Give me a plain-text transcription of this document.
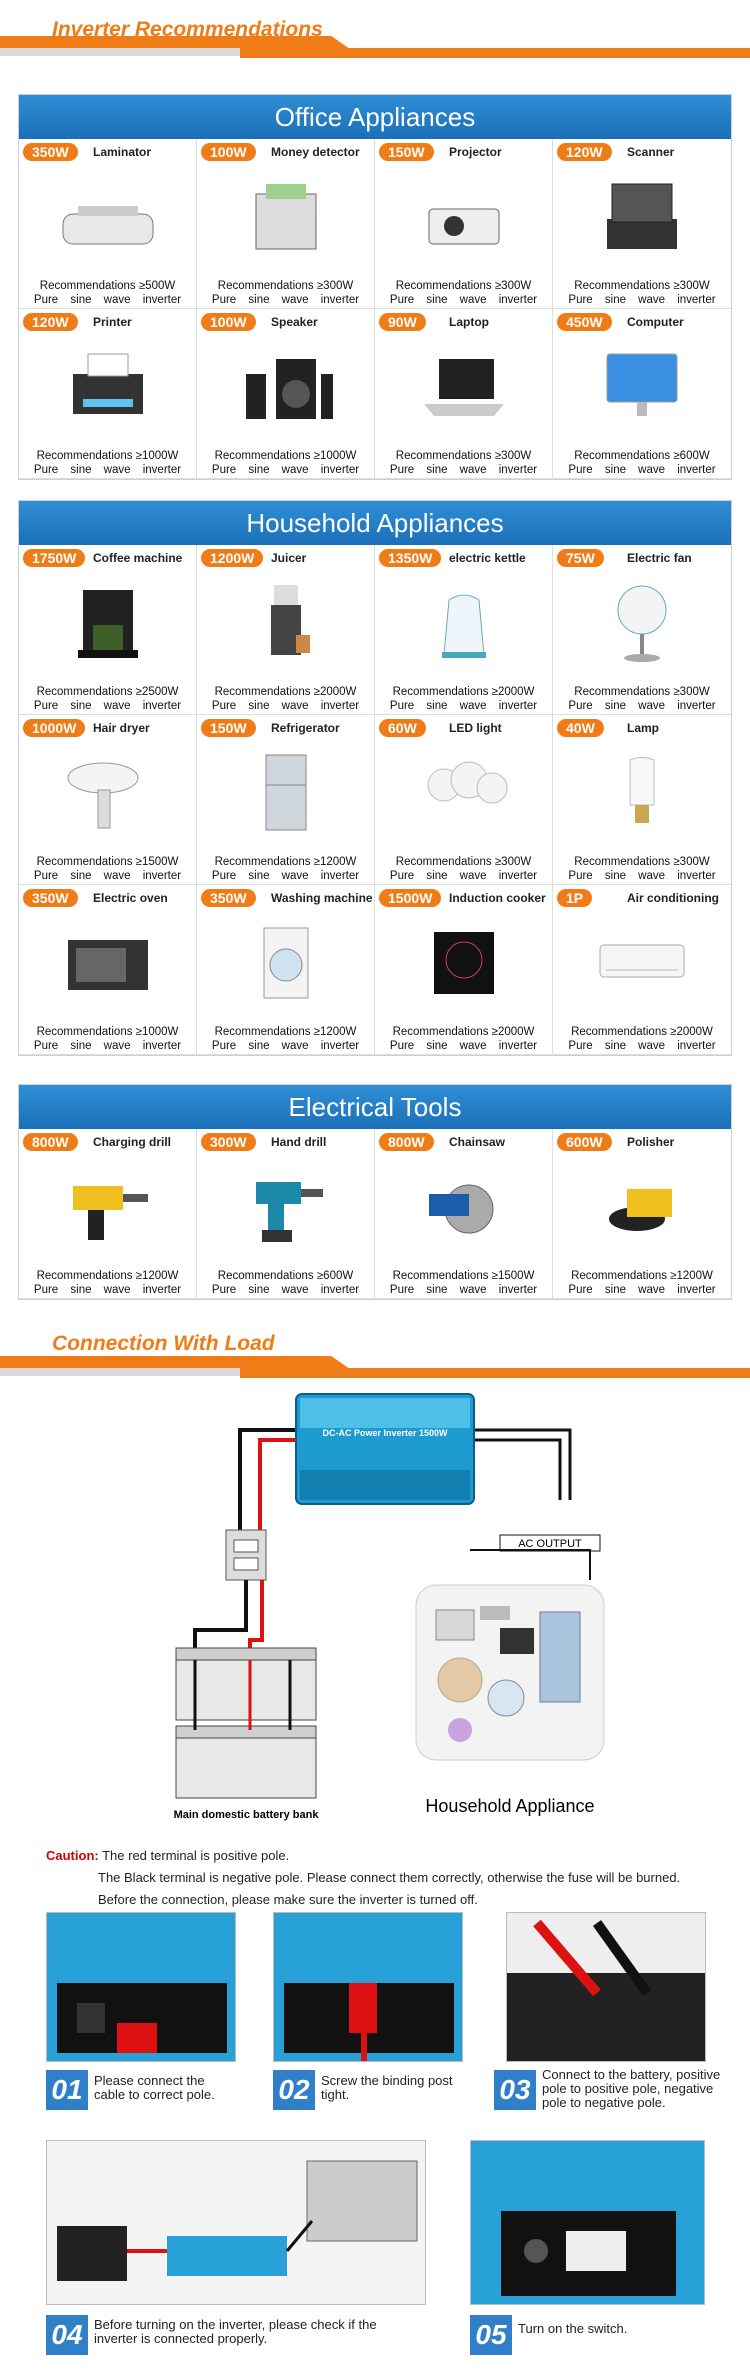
Inverter Recommendations
Office Appliances
350W	Laminator
Recommendations ≥500W
Pure sine wave inverter
100W	Money detector
Recommendations ≥300W
Pure sine wave inverter
150W	Projector
Recommendations ≥300W
Pure sine wave inverter
120W	Scanner
Recommendations ≥300W
Pure sine wave inverter
120W	Printer
Recommendations ≥1000W
Pure sine wave inverter
100W	Speaker
Recommendations ≥1000W
Pure sine wave inverter
90W	Laptop
Recommendations ≥300W
Pure sine wave inverter
450W	Computer
Recommendations ≥600W
Pure sine wave inverter
Household Appliances
1750W	Coffee machine
Recommendations ≥2500W
Pure sine wave inverter
1200W	Juicer
Recommendations ≥2000W
Pure sine wave inverter
1350W	electric kettle
Recommendations ≥2000W
Pure sine wave inverter
75W	Electric fan
Recommendations ≥300W
Pure sine wave inverter
1000W	Hair dryer
Recommendations ≥1500W
Pure sine wave inverter
150W	Refrigerator
Recommendations ≥1200W
Pure sine wave inverter
60W	LED light
Recommendations ≥300W
Pure sine wave inverter
40W	Lamp
Recommendations ≥300W
Pure sine wave inverter
350W	Electric oven
Recommendations ≥1000W
Pure sine wave inverter
350W	Washing machine
Recommendations ≥1200W
Pure sine wave inverter
1500W	Induction cooker
Recommendations ≥2000W
Pure sine wave inverter
1P	Air conditioning
Recommendations ≥2000W
Pure sine wave inverter
Electrical Tools
800W	Charging drill
Recommendations ≥1200W
Pure sine wave inverter
300W	Hand drill
Recommendations ≥600W
Pure sine wave inverter
800W	Chainsaw
Recommendations ≥1500W
Pure sine wave inverter
600W	Polisher
Recommendations ≥1200W
Pure sine wave inverter
Connection With Load
DC-AC Power Inverter 1500W
AC OUTPUT
Main domestic battery bank	Household Appliance
Caution: The red terminal is positive pole.
The Black terminal is negative pole. Please connect them correctly, otherwise the fuse will be burned.
Before the connection, please make sure the inverter is turned off.
01 Please connect the cable to correct pole.	02 Screw the binding post tight.	03 Connect to the battery, positive pole to positive pole, negative pole to negative pole.
04 Before turning on the inverter, please check if the inverter is connected properly.	05 Turn on the switch.
